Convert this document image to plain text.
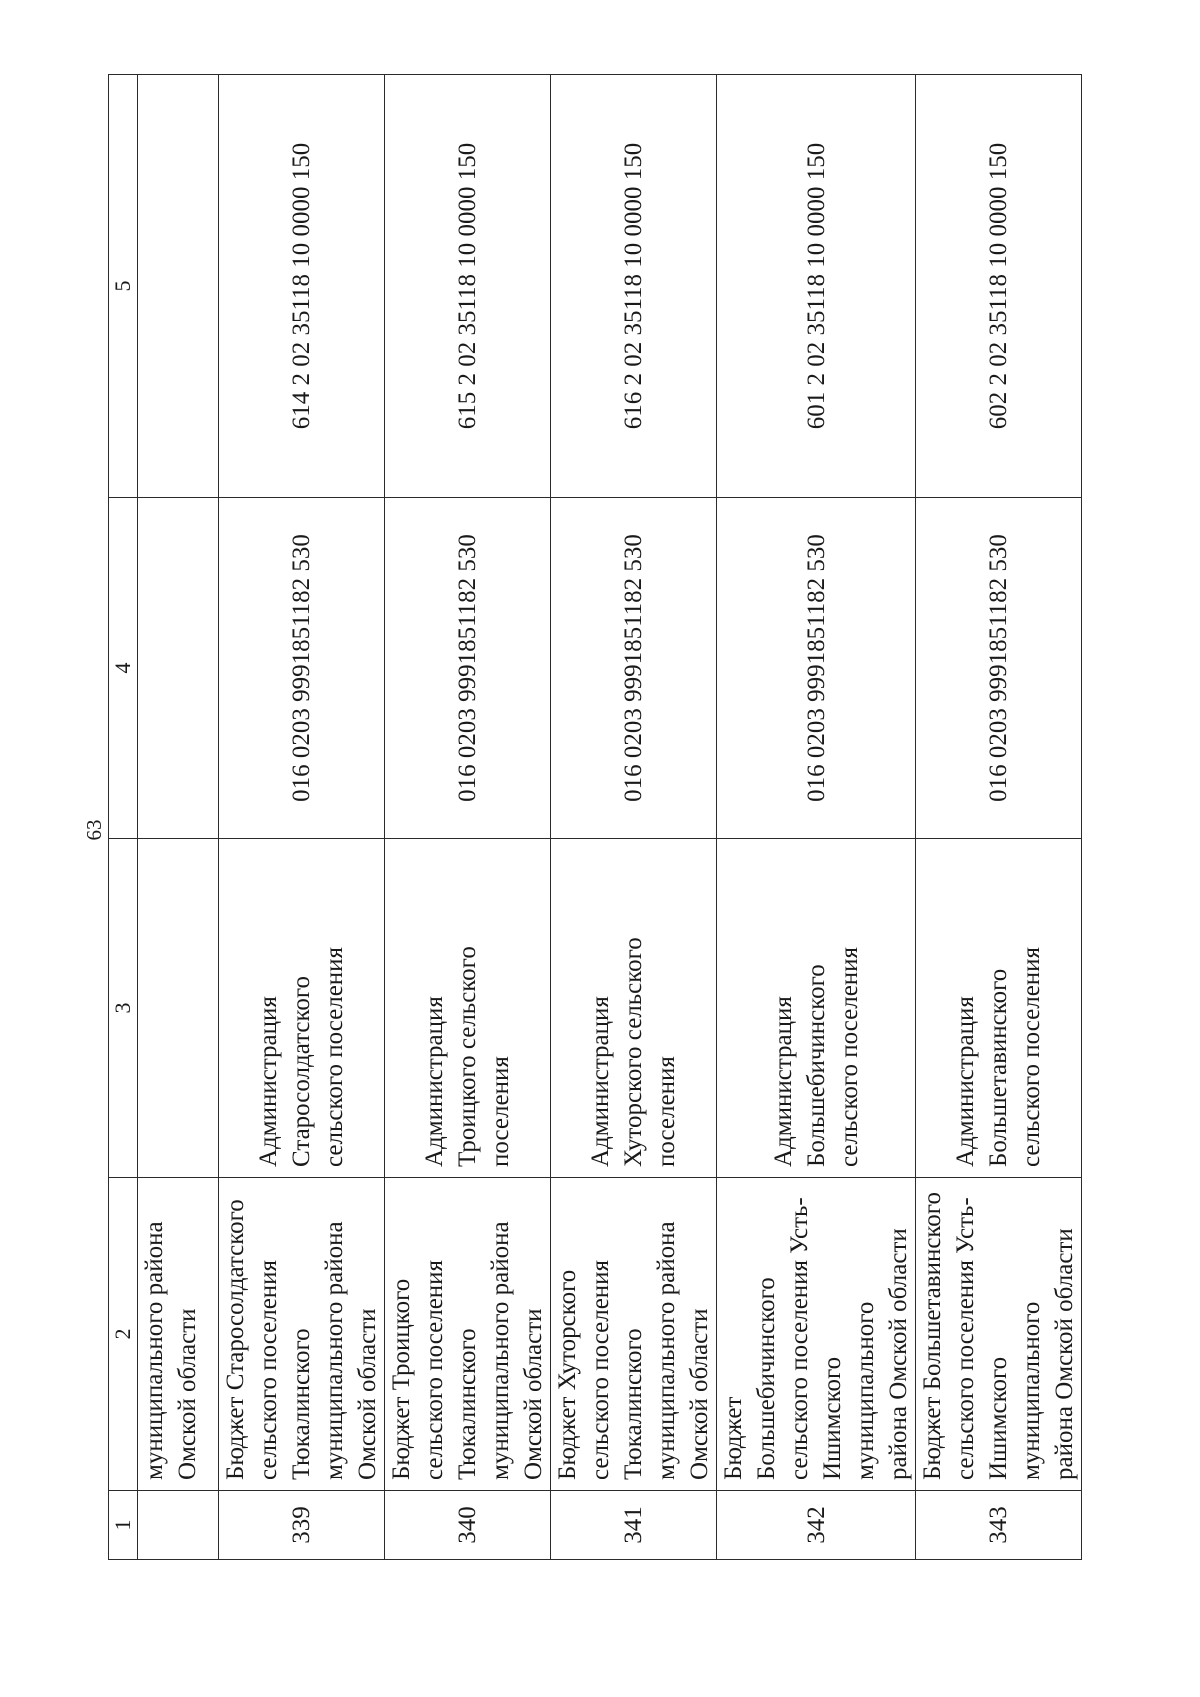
63
1	2	3	4	5
	муниципального района
Омской области			
339	Бюджет Старосолдатского
сельского поселения
Тюкалинского
муниципального района
Омской области	Администрация
Старосолдатского
сельского поселения	016 0203 9991851182 530	614 2 02 35118 10 0000 150
340	Бюджет Троицкого
сельского поселения
Тюкалинского
муниципального района
Омской области	Администрация
Троицкого сельского
поселения	016 0203 9991851182 530	615 2 02 35118 10 0000 150
341	Бюджет Хуторского
сельского поселения
Тюкалинского
муниципального района
Омской области	Администрация
Хуторского сельского
поселения	016 0203 9991851182 530	616 2 02 35118 10 0000 150
342	Бюджет Большебичинского
сельского поселения Усть-
Ишимского муниципального
района Омской области	Администрация
Большебичинского
сельского поселения	016 0203 9991851182 530	601 2 02 35118 10 0000 150
343	Бюджет Большетавинского
сельского поселения Усть-
Ишимского муниципального
района Омской области	Администрация
Большетавинского
сельского поселения	016 0203 9991851182 530	602 2 02 35118 10 0000 150
